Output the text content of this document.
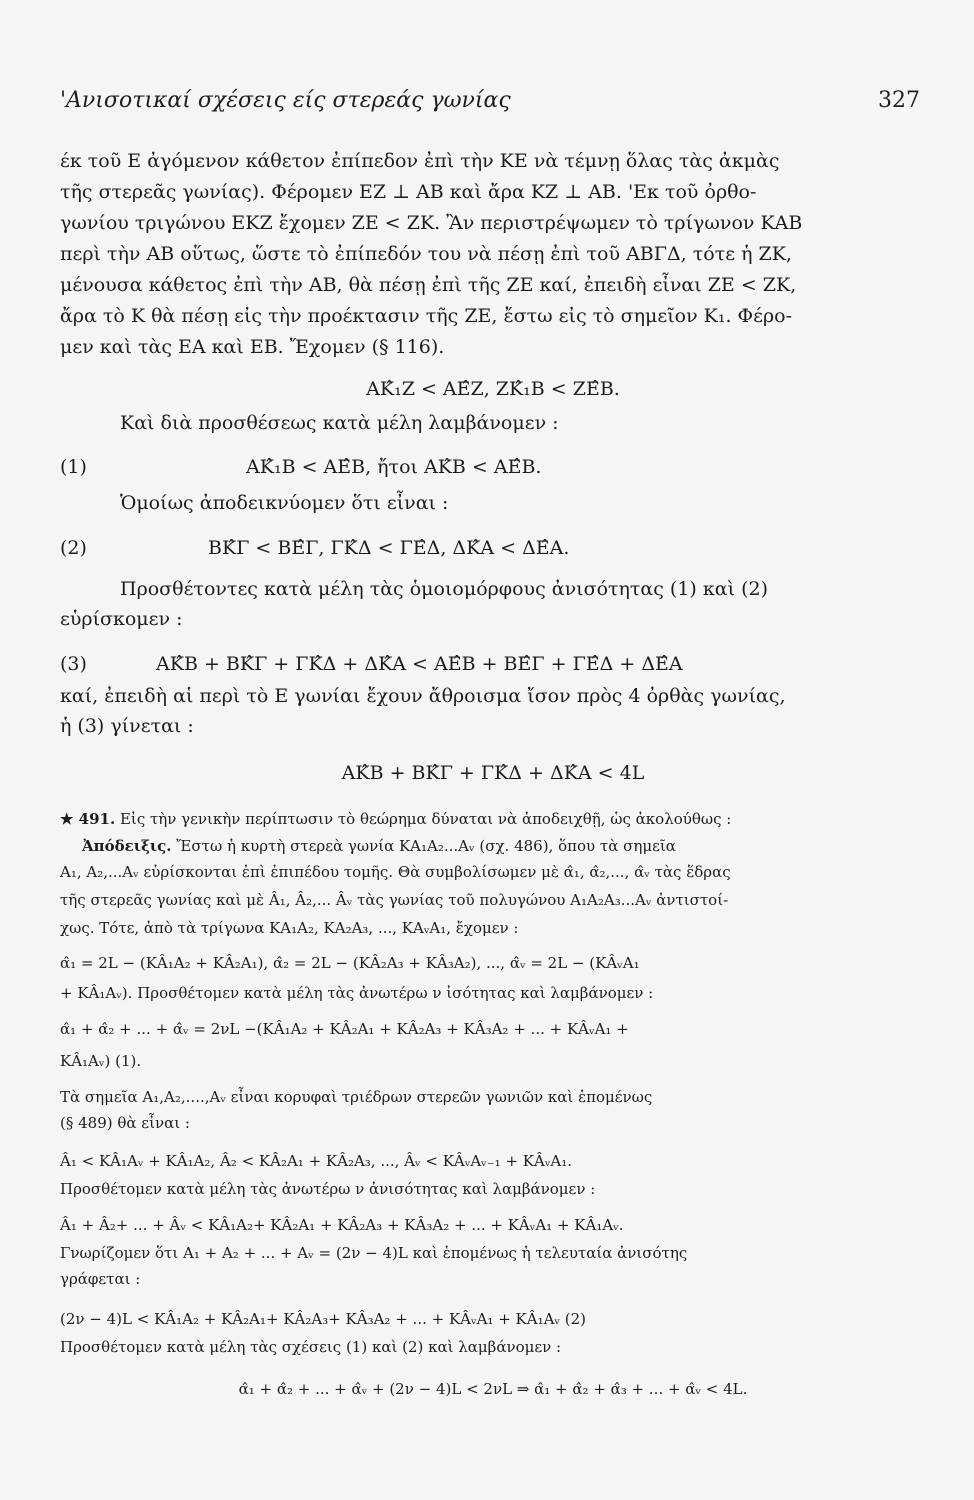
'Ανισοτικαί σχέσεις είς στερεάς γωνίας	327
έκ τοῦ Ε ἀγόμενον κάθετον ἐπίπεδον ἐπὶ τὴν ΚΕ νὰ τέμνῃ ὅλας τὰς ἀκμὰς
τῆς στερεᾶς γωνίας). Φέρομεν ΕΖ ⊥ ΑΒ καὶ ἄρα ΚΖ ⊥ ΑΒ. 'Εκ τοῦ ὀρθο-
γωνίου τριγώνου ΕΚΖ ἔχομεν ΖΕ < ΖΚ. Ἂν περιστρέψωμεν τὸ τρίγωνον ΚΑΒ
περὶ τὴν ΑΒ οὕτως, ὥστε τὸ ἐπίπεδόν του νὰ πέσῃ ἐπὶ τοῦ ΑΒΓΔ, τότε ἡ ΖΚ,
μένουσα κάθετος ἐπὶ τὴν ΑΒ, θὰ πέσῃ ἐπὶ τῆς ΖΕ καί, ἐπειδὴ εἶναι ΖΕ < ΖΚ,
ἄρα τὸ Κ θὰ πέσῃ εἰς τὴν προέκτασιν τῆς ΖΕ, ἔστω εἰς τὸ σημεῖον Κ₁. Φέρο-
μεν καὶ τὰς ΕΑ καὶ ΕΒ. Ἔχομεν (§ 116).
ΑΚ̂₁Ζ < ΑΕ̂Ζ, ΖΚ̂₁Β < ΖΕ̂Β.
Καὶ διὰ προσθέσεως κατὰ μέλη λαμβάνομεν :
(1)	ΑΚ̂₁Β < ΑΕ̂Β, ἤτοι ΑΚ̂Β < ΑΕ̂Β.
Ὁμοίως ἀποδεικνύομεν ὅτι εἶναι :
(2)	ΒΚ̂Γ < ΒΕ̂Γ, ΓΚ̂Δ < ΓΕ̂Δ, ΔΚ̂Α < ΔΕ̂Α.
Προσθέτοντες κατὰ μέλη τὰς ὁμοιομόρφους ἀνισότητας (1) καὶ (2)
εὑρίσκομεν :
(3)	ΑΚ̂Β + ΒΚ̂Γ + ΓΚ̂Δ + ΔΚ̂Α < ΑΕ̂Β + ΒΕ̂Γ + ΓΕ̂Δ + ΔΕ̂Α
καί, ἐπειδὴ αἱ περὶ τὸ Ε γωνίαι ἔχουν ἄθροισμα ἴσον πρὸς 4 ὀρθὰς γωνίας,
ἡ (3) γίνεται :
ΑΚ̂Β + ΒΚ̂Γ + ΓΚ̂Δ + ΔΚ̂Α < 4L
★ 491. Εἰς τὴν γενικὴν περίπτωσιν τὸ θεώρημα δύναται νὰ ἀποδειχθῇ, ὡς ἀκολούθως :
Ἀπόδειξις. Ἔστω ἡ κυρτὴ στερεὰ γωνία ΚΑ₁Α₂...Αᵥ (σχ. 486), ὅπου τὰ σημεῖα
Α₁, Α₂,...Αᵥ εὑρίσκονται ἐπὶ ἐπιπέδου τομῆς. Θὰ συμβολίσωμεν μὲ α̂₁, α̂₂,..., α̂ᵥ τὰς ἕδρας
τῆς στερεᾶς γωνίας καὶ μὲ Â₁, Â₂,... Âᵥ τὰς γωνίας τοῦ πολυγώνου Α₁Α₂Α₃...Αᵥ ἀντιστοί-
χως. Τότε, ἀπὸ τὰ τρίγωνα ΚΑ₁Α₂, ΚΑ₂Α₃, ..., ΚΑᵥΑ₁, ἔχομεν :
α̂₁ = 2L − (ΚÂ₁Α₂ + ΚÂ₂Α₁), α̂₂ = 2L − (ΚÂ₂Α₃ + ΚÂ₃Α₂), ..., α̂ᵥ = 2L − (ΚÂᵥΑ₁
+ ΚÂ₁Αᵥ). Προσθέτομεν κατὰ μέλη τὰς ἀνωτέρω ν ἰσότητας καὶ λαμβάνομεν :
α̂₁ + α̂₂ + ... + α̂ᵥ = 2νL −(ΚÂ₁Α₂ + ΚÂ₂Α₁ + ΚÂ₂Α₃ + ΚÂ₃Α₂ + ... + ΚÂᵥΑ₁ +
ΚÂ₁Αᵥ) (1).
Τὰ σημεῖα Α₁,Α₂,....,Αᵥ εἶναι κορυφαὶ τριέδρων στερεῶν γωνιῶν καὶ ἑπομένως
(§ 489) θὰ εἶναι :
Â₁ < ΚÂ₁Αᵥ + ΚÂ₁Α₂, Â₂ < ΚÂ₂Α₁ + ΚÂ₂Α₃, ..., Âᵥ < ΚÂᵥΑᵥ₋₁ + ΚÂᵥΑ₁.
Προσθέτομεν κατὰ μέλη τὰς ἀνωτέρω ν ἀνισότητας καὶ λαμβάνομεν :
Â₁ + Â₂+ ... + Âᵥ < ΚÂ₁Α₂+ ΚÂ₂Α₁ + ΚÂ₂Α₃ + ΚÂ₃Α₂ + ... + ΚÂᵥΑ₁ + ΚÂ₁Αᵥ.
Γνωρίζομεν ὅτι Α₁ + Α₂ + ... + Αᵥ = (2ν − 4)L καὶ ἑπομένως ἡ τελευταία ἀνισότης
γράφεται :
(2ν − 4)L < ΚÂ₁Α₂ + ΚÂ₂Α₁+ ΚÂ₂Α₃+ ΚÂ₃Α₂ + ... + ΚÂᵥΑ₁ + ΚÂ₁Αᵥ (2)
Προσθέτομεν κατὰ μέλη τὰς σχέσεις (1) καὶ (2) καὶ λαμβάνομεν :
α̂₁ + α̂₂ + ... + α̂ᵥ + (2ν − 4)L < 2νL ⇒ α̂₁ + α̂₂ + α̂₃ + ... + α̂ᵥ < 4L.
